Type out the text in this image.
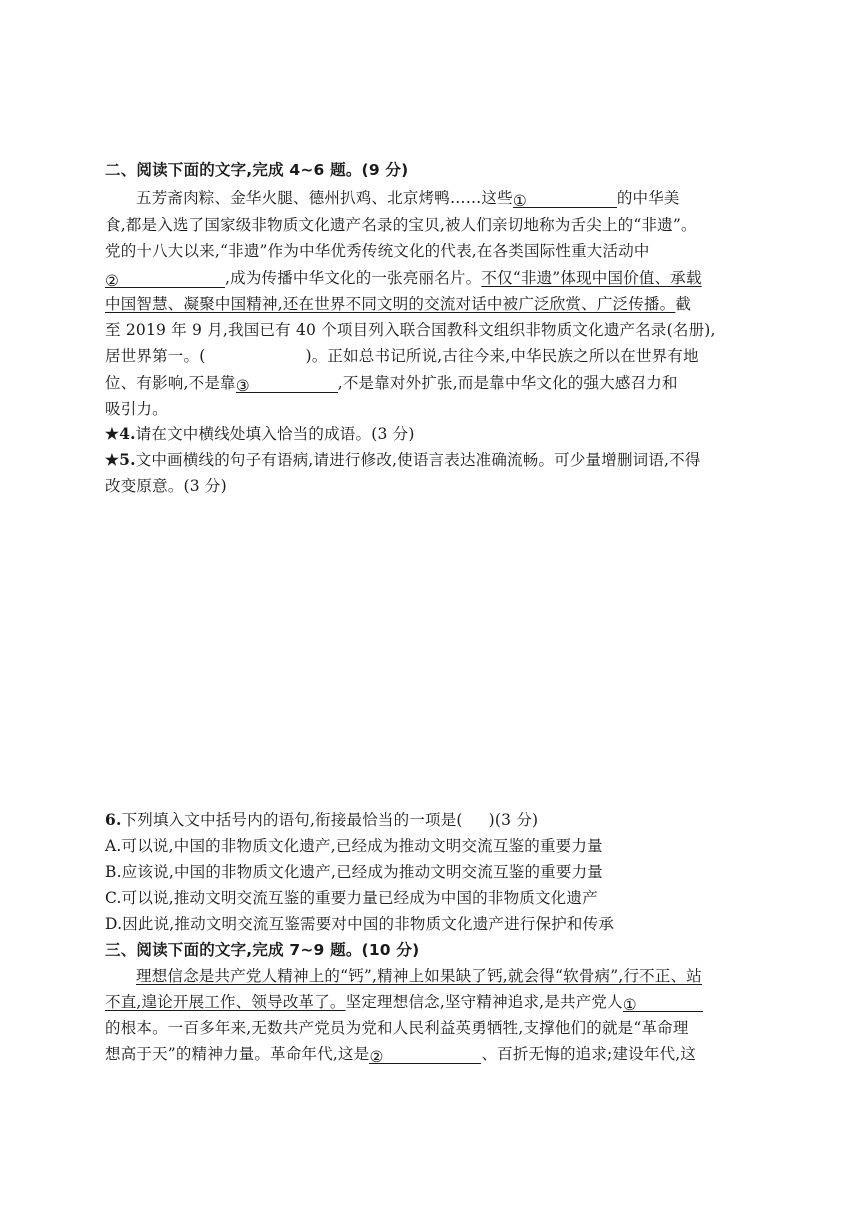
二、阅读下面的文字,完成 4~6 题。(9 分)
五芳斋肉粽、金华火腿、德州扒鸡、北京烤鸭……这些①	的中华美
食,都是入选了国家级非物质文化遗产名录的宝贝,被人们亲切地称为舌尖上的“非遗”。
党的十八大以来,“非遗”作为中华优秀传统文化的代表,在各类国际性重大活动中
②	,成为传播中华文化的一张亮丽名片。不仅“非遗”体现中国价值、承载
中国智慧、凝聚中国精神,还在世界不同文明的交流对话中被广泛欣赏、广泛传播。截
至 2019 年 9 月,我国已有 40 个项目列入联合国教科文组织非物质文化遗产名录(名册),
居世界第一。(	)。正如总书记所说,古往今来,中华民族之所以在世界有地
位、有影响,不是靠③	,不是靠对外扩张,而是靠中华文化的强大感召力和
吸引力。
★4.请在文中横线处填入恰当的成语。(3 分)
★5.文中画横线的句子有语病,请进行修改,使语言表达准确流畅。可少量增删词语,不得
改变原意。(3 分)
6.下列填入文中括号内的语句,衔接最恰当的一项是( )(3 分)
A.可以说,中国的非物质文化遗产,已经成为推动文明交流互鉴的重要力量
B.应该说,中国的非物质文化遗产,已经成为推动文明交流互鉴的重要力量
C.可以说,推动文明交流互鉴的重要力量已经成为中国的非物质文化遗产
D.因此说,推动文明交流互鉴需要对中国的非物质文化遗产进行保护和传承
三、阅读下面的文字,完成 7~9 题。(10 分)
理想信念是共产党人精神上的“钙”,精神上如果缺了钙,就会得“软骨病”,行不正、站
不直,遑论开展工作、领导改革了。坚定理想信念,坚守精神追求,是共产党人①
的根本。一百多年来,无数共产党员为党和人民利益英勇牺牲,支撑他们的就是“革命理
想高于天”的精神力量。革命年代,这是②	、百折无悔的追求;建设年代,这
